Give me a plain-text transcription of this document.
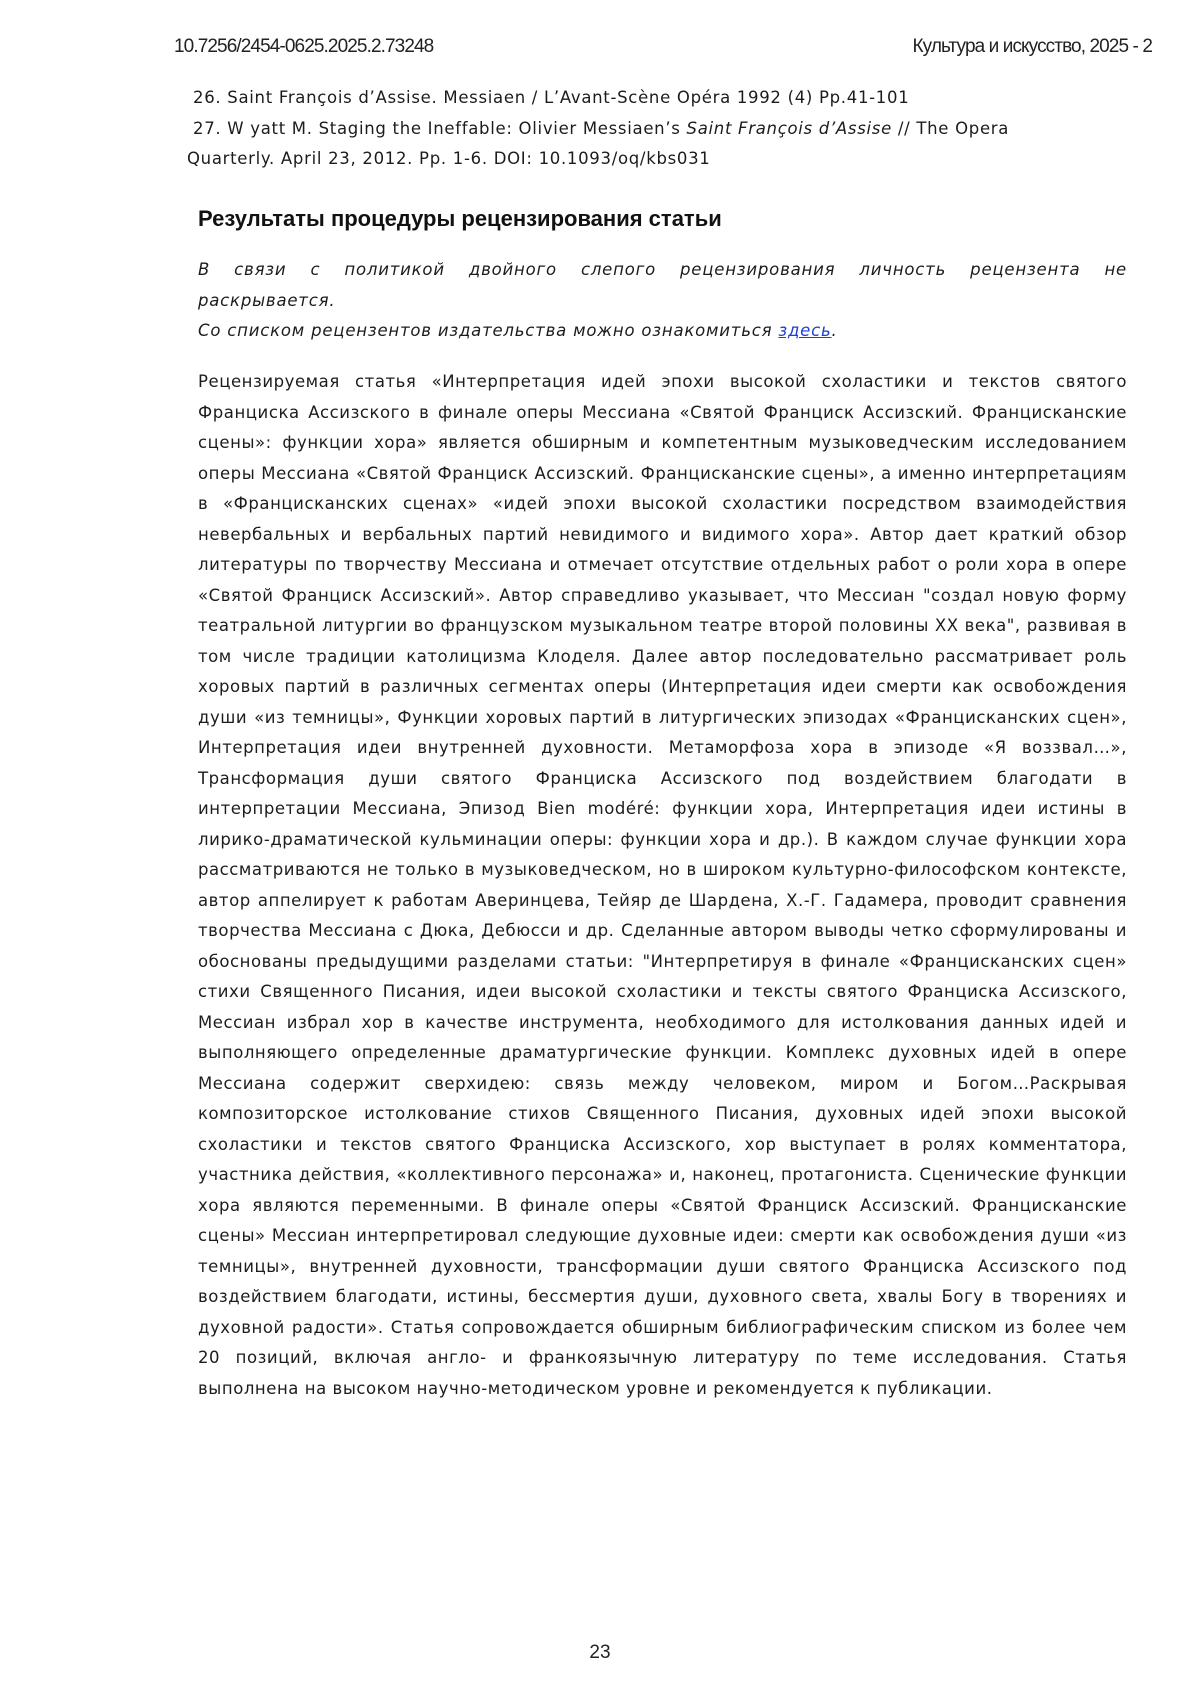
10.7256/2454-0625.2025.2.73248	Культура и искусство, 2025 - 2

26. Saint François d’Assise. Messiaen / L’Avant-Scène Opéra 1992 (4) Pp.41-101

27. W yatt M. Staging the Ineffable: Olivier Messiaen’s Saint François d’Assise // The Opera

Quarterly. April 23, 2012. Pp. 1-6. DOI: 10.1093/oq/kbs031

Результаты процедуры рецензирования статьи

В связи с политикой двойного слепого рецензирования личность рецензента не
раскрывается.
Со списком рецензентов издательства можно ознакомиться здесь.

Рецензируемая статья «Интерпретация идей эпохи высокой схоластики и текстов святого Франциска Ассизского в финале оперы Мессиана «Святой Франциск Ассизский. Францисканские сцены»: функции хора» является обширным и компетентным музыковедческим исследованием оперы Мессиана «Святой Франциск Ассизский. Францисканские сцены», а именно интерпретациям в «Францисканских сценах» «идей эпохи высокой схоластики посредством взаимодействия невербальных и вербальных партий невидимого и видимого хора». Автор дает краткий обзор литературы по творчеству Мессиана и отмечает отсутствие отдельных работ о роли хора в опере «Святой Франциск Ассизский». Автор справедливо указывает, что Мессиан "создал новую форму театральной литургии во французском музыкальном театре второй половины XX века", развивая в том числе традиции католицизма Клоделя. Далее автор последовательно рассматривает роль хоровых партий в различных сегментах оперы (Интерпретация идеи смерти как освобождения души «из темницы», Функции хоровых партий в литургических эпизодах «Францисканских сцен», Интерпретация идеи внутренней духовности. Метаморфоза хора в эпизоде «Я воззвал…», Трансформация души святого Франциска Ассизского под воздействием благодати в интерпретации Мессиана, Эпизод Bien modéré: функции хора, Интерпретация идеи истины в лирико-драматической кульминации оперы: функции хора и др.). В каждом случае функции хора рассматриваются не только в музыковедческом, но в широком культурно-философском контексте, автор аппелирует к работам Аверинцева, Тейяр де Шардена, Х.-Г. Гадамера, проводит сравнения творчества Мессиана с Дюка, Дебюсси и др. Сделанные автором выводы четко сформулированы и обоснованы предыдущими разделами статьи: "Интерпретируя в финале «Францисканских сцен» стихи Священного Писания, идеи высокой схоластики и тексты святого Франциска Ассизского, Мессиан избрал хор в качестве инструмента, необходимого для истолкования данных идей и выполняющего определенные драматургические функции. Комплекс духовных идей в опере Мессиана содержит сверхидею: связь между человеком, миром и Богом…Раскрывая композиторское истолкование стихов Священного Писания, духовных идей эпохи высокой схоластики и текстов святого Франциска Ассизского, хор выступает в ролях комментатора, участника действия, «коллективного персонажа» и, наконец, протагониста. Сценические функции хора являются переменными. В финале оперы «Святой Франциск Ассизский. Францисканские сцены» Мессиан интерпретировал следующие духовные идеи: смерти как освобождения души «из темницы», внутренней духовности, трансформации души святого Франциска Ассизского под воздействием благодати, истины, бессмертия души, духовного света, хвалы Богу в творениях и духовной радости». Статья сопровождается обширным библиографическим списком из более чем 20 позиций, включая англо- и франкоязычную литературу по теме исследования. Статья выполнена на высоком научно-методическом уровне и рекомендуется к публикации.

23
